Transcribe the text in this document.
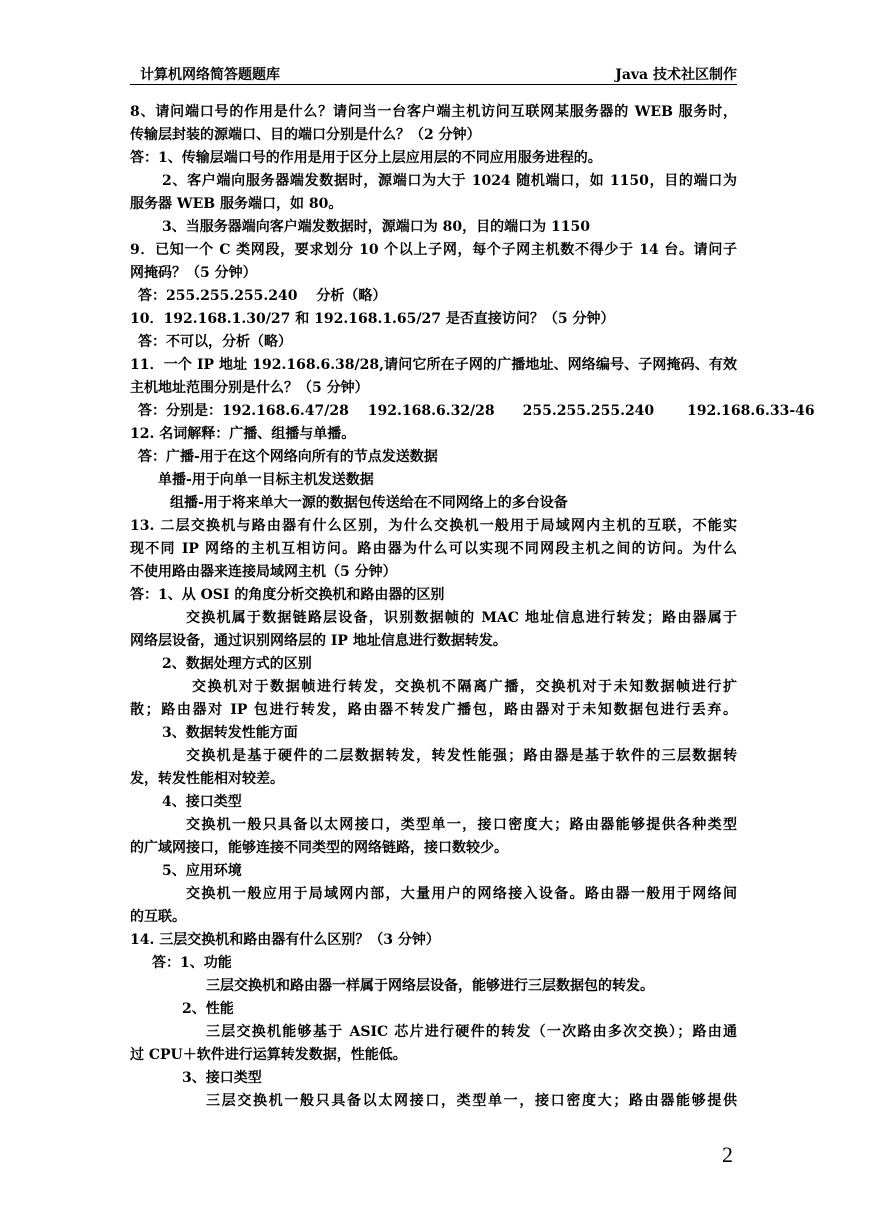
计算机网络简答题题库	Java 技术社区制作
8、请问端口号的作用是什么？请问当一台客户端主机访问互联网某服务器的 WEB 服务时，
传输层封装的源端口、目的端口分别是什么？（2 分钟）
答：1、传输层端口号的作用是用于区分上层应用层的不同应用服务进程的。
2、客户端向服务器端发数据时，源端口为大于 1024 随机端口，如 1150，目的端口为
服务器 WEB 服务端口，如 80。
3、当服务器端向客户端发数据时，源端口为 80，目的端口为 1150
9．已知一个 C 类网段，要求划分 10 个以上子网，每个子网主机数不得少于 14 台。请问子
网掩码？（5 分钟）
答：255.255.255.240　 分析（略）
10．192.168.1.30/27 和 192.168.1.65/27 是否直接访问？（5 分钟）
答：不可以，分析（略）
11．一个 IP 地址 192.168.6.38/28,请问它所在子网的广播地址、网络编号、子网掩码、有效
主机地址范围分别是什么？（5 分钟）
答：分别是：192.168.6.47/28　 192.168.6.32/28　　255.255.255.240　　 192.168.6.33-46
12. 名词解释：广播、组播与单播。
答：广播-用于在这个网络向所有的节点发送数据
单播-用于向单一目标主机发送数据
组播-用于将来单大一源的数据包传送给在不同网络上的多台设备
13. 二层交换机与路由器有什么区别，为什么交换机一般用于局域网内主机的互联，不能实
现不同 IP 网络的主机互相访问。路由器为什么可以实现不同网段主机之间的访问。为什么
不使用路由器来连接局域网主机（5 分钟）
答：1、从 OSI 的角度分析交换机和路由器的区别
交换机属于数据链路层设备，识别数据帧的 MAC 地址信息进行转发；路由器属于
网络层设备，通过识别网络层的 IP 地址信息进行数据转发。
2、数据处理方式的区别
交换机对于数据帧进行转发，交换机不隔离广播，交换机对于未知数据帧进行扩
散；路由器对 IP 包进行转发，路由器不转发广播包，路由器对于未知数据包进行丢弃。
3、数据转发性能方面
交换机是基于硬件的二层数据转发，转发性能强；路由器是基于软件的三层数据转
发，转发性能相对较差。
4、接口类型
交换机一般只具备以太网接口，类型单一，接口密度大；路由器能够提供各种类型
的广域网接口，能够连接不同类型的网络链路，接口数较少。
5、应用环境
交换机一般应用于局域网内部，大量用户的网络接入设备。路由器一般用于网络间
的互联。
14. 三层交换机和路由器有什么区别？（3 分钟）
答：1、功能
三层交换机和路由器一样属于网络层设备，能够进行三层数据包的转发。
2、性能
三层交换机能够基于 ASIC 芯片进行硬件的转发（一次路由多次交换）；路由通
过 CPU＋软件进行运算转发数据，性能低。
3、接口类型
三层交换机一般只具备以太网接口，类型单一，接口密度大；路由器能够提供
2
